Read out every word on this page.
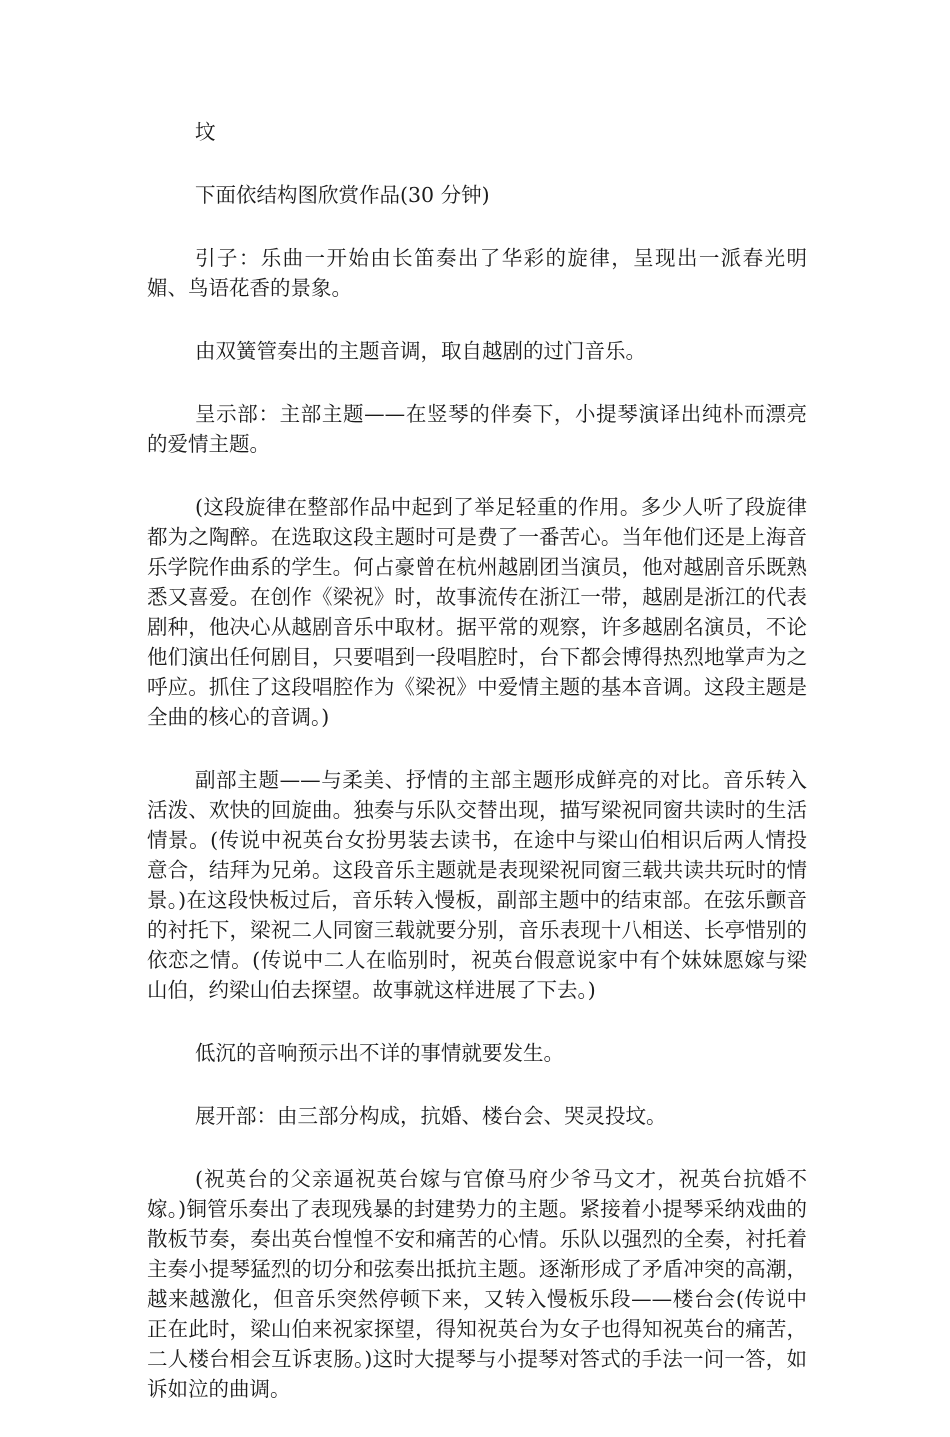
坟

下面依结构图欣赏作品(30 分钟)

引子：乐曲一开始由长笛奏出了华彩的旋律，呈现出一派春光明媚、鸟语花香的景象。

由双簧管奏出的主题音调，取自越剧的过门音乐。

呈示部：主部主题——在竖琴的伴奏下，小提琴演译出纯朴而漂亮的爱情主题。

(这段旋律在整部作品中起到了举足轻重的作用。多少人听了段旋律都为之陶醉。在选取这段主题时可是费了一番苦心。当年他们还是上海音乐学院作曲系的学生。何占豪曾在杭州越剧团当演员，他对越剧音乐既熟悉又喜爱。在创作《梁祝》时，故事流传在浙江一带，越剧是浙江的代表剧种，他决心从越剧音乐中取材。据平常的观察，许多越剧名演员，不论他们演出任何剧目，只要唱到一段唱腔时，台下都会博得热烈地掌声为之呼应。抓住了这段唱腔作为《梁祝》中爱情主题的基本音调。这段主题是全曲的核心的音调。)

副部主题——与柔美、抒情的主部主题形成鲜亮的对比。音乐转入活泼、欢快的回旋曲。独奏与乐队交替出现，描写梁祝同窗共读时的生活情景。(传说中祝英台女扮男装去读书，在途中与梁山伯相识后两人情投意合，结拜为兄弟。这段音乐主题就是表现梁祝同窗三载共读共玩时的情景。)在这段快板过后，音乐转入慢板，副部主题中的结束部。在弦乐颤音的衬托下，梁祝二人同窗三载就要分别，音乐表现十八相送、长亭惜别的依恋之情。(传说中二人在临别时，祝英台假意说家中有个妹妹愿嫁与梁山伯，约梁山伯去探望。故事就这样进展了下去。)

低沉的音响预示出不详的事情就要发生。

展开部：由三部分构成，抗婚、楼台会、哭灵投坟。

(祝英台的父亲逼祝英台嫁与官僚马府少爷马文才，祝英台抗婚不嫁。)铜管乐奏出了表现残暴的封建势力的主题。紧接着小提琴采纳戏曲的散板节奏，奏出英台惶惶不安和痛苦的心情。乐队以强烈的全奏，衬托着主奏小提琴猛烈的切分和弦奏出抵抗主题。逐渐形成了矛盾冲突的高潮，越来越激化，但音乐突然停顿下来，又转入慢板乐段——楼台会(传说中正在此时，梁山伯来祝家探望，得知祝英台为女子也得知祝英台的痛苦，二人楼台相会互诉衷肠。)这时大提琴与小提琴对答式的手法一问一答，如诉如泣的曲调。
